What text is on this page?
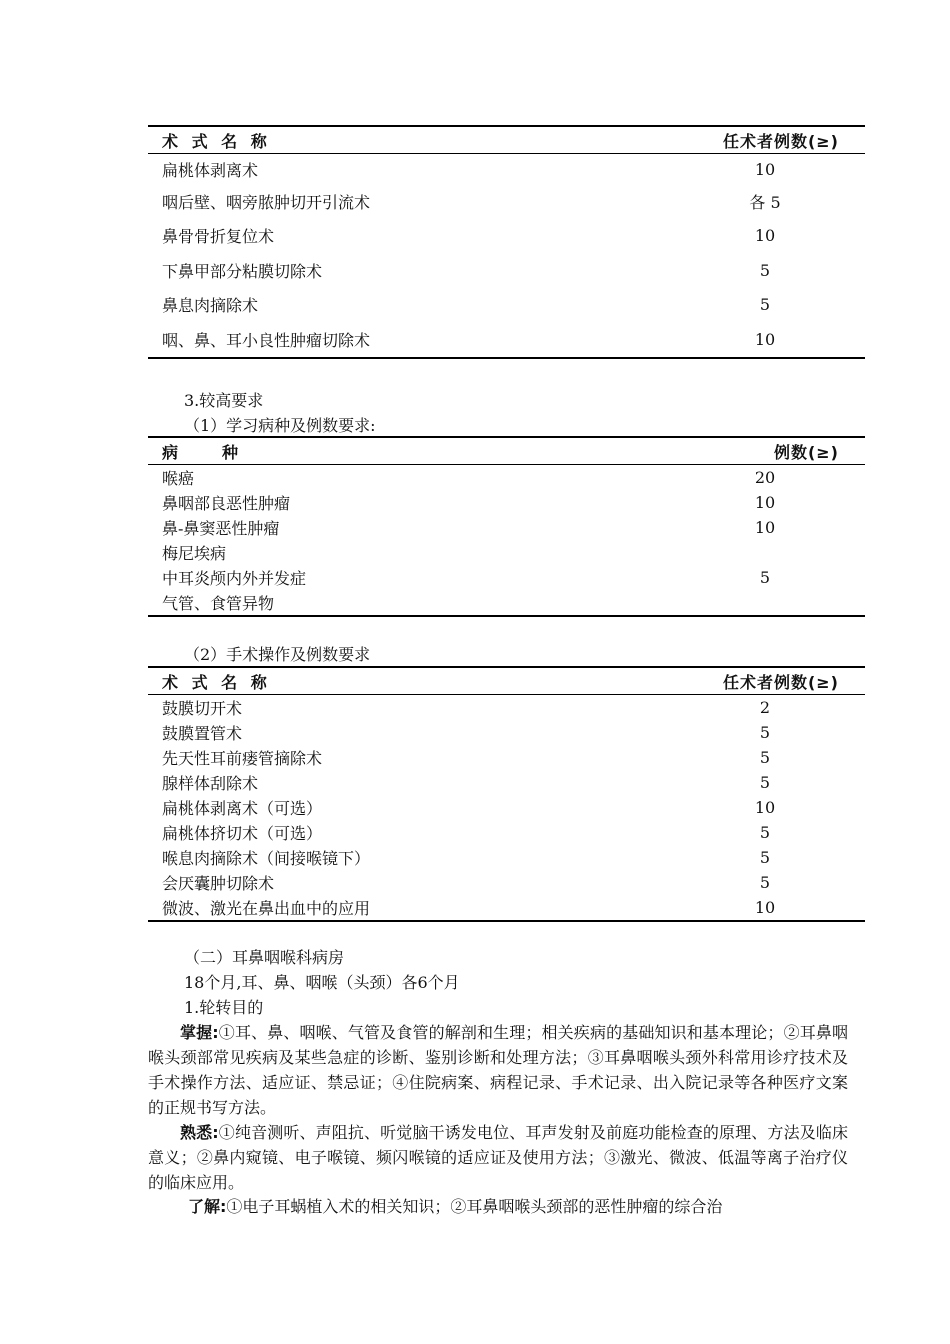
术 式 名 称	任术者例数(≥)
扁桃体剥离术	10
咽后壁、咽旁脓肿切开引流术	各 5
鼻骨骨折复位术	10
下鼻甲部分粘膜切除术	5
鼻息肉摘除术	5
咽、鼻、耳小良性肿瘤切除术	10
3.较高要求
（1）学习病种及例数要求:
病　　种	例数(≥)
喉癌	20
鼻咽部良恶性肿瘤	10
鼻-鼻窦恶性肿瘤	10
梅尼埃病	
中耳炎颅内外并发症	5
气管、食管异物	
（2）手术操作及例数要求
术 式 名 称	任术者例数(≥)
鼓膜切开术	2
鼓膜置管术	5
先天性耳前瘘管摘除术	5
腺样体刮除术	5
扁桃体剥离术（可选）	10
扁桃体挤切术（可选）	5
喉息肉摘除术（间接喉镜下）	5
会厌囊肿切除术	5
微波、激光在鼻出血中的应用	10
（二）耳鼻咽喉科病房
18个月,耳、鼻、咽喉（头颈）各6个月
1.轮转目的
掌握:①耳、鼻、咽喉、气管及食管的解剖和生理；相关疾病的基础知识和基本理论；②耳鼻咽喉头颈部常见疾病及某些急症的诊断、鉴别诊断和处理方法；③耳鼻咽喉头颈外科常用诊疗技术及手术操作方法、适应证、禁忌证；④住院病案、病程记录、手术记录、出入院记录等各种医疗文案的正规书写方法。
熟悉:①纯音测听、声阻抗、听觉脑干诱发电位、耳声发射及前庭功能检查的原理、方法及临床意义；②鼻内窥镜、电子喉镜、频闪喉镜的适应证及使用方法；③激光、微波、低温等离子治疗仪的临床应用。
了解:①电子耳蜗植入术的相关知识；②耳鼻咽喉头颈部的恶性肿瘤的综合治
